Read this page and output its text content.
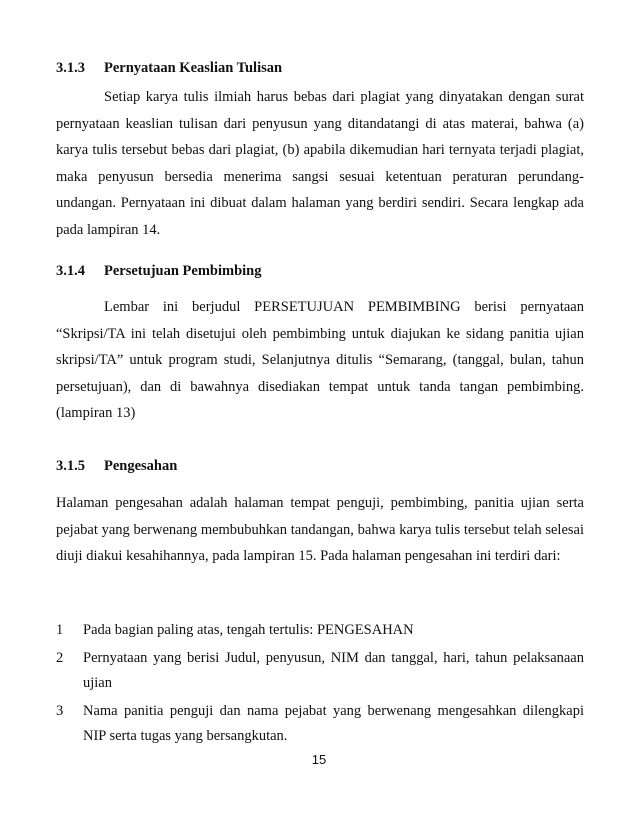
3.1.3 Pernyataan Keaslian Tulisan

Setiap karya tulis ilmiah harus bebas dari plagiat yang dinyatakan dengan surat pernyataan keaslian tulisan dari penyusun yang ditandatangi di atas materai, bahwa (a) karya tulis tersebut bebas dari plagiat, (b) apabila dikemudian hari ternyata terjadi plagiat, maka penyusun bersedia menerima sangsi sesuai ketentuan peraturan perundang-undangan. Pernyataan ini dibuat dalam halaman yang berdiri sendiri. Secara lengkap ada pada lampiran 14.

3.1.4 Persetujuan Pembimbing

Lembar ini berjudul PERSETUJUAN PEMBIMBING berisi pernyataan “Skripsi/TA ini telah disetujui oleh pembimbing untuk diajukan ke sidang panitia ujian skripsi/TA” untuk program studi, Selanjutnya ditulis “Semarang, (tanggal, bulan, tahun persetujuan), dan di bawahnya disediakan tempat untuk tanda tangan pembimbing. (lampiran 13)

3.1.5 Pengesahan

Halaman pengesahan adalah halaman tempat penguji, pembimbing, panitia ujian serta pejabat yang berwenang membubuhkan tandangan, bahwa karya tulis tersebut telah selesai diuji diakui kesahihannya, pada lampiran 15. Pada halaman pengesahan ini terdiri dari:

1 Pada bagian paling atas, tengah tertulis: PENGESAHAN
2 Pernyataan yang berisi Judul, penyusun, NIM dan tanggal, hari, tahun pelaksanaan ujian
3 Nama panitia penguji dan nama pejabat yang berwenang mengesahkan dilengkapi NIP serta tugas yang bersangkutan.
15
